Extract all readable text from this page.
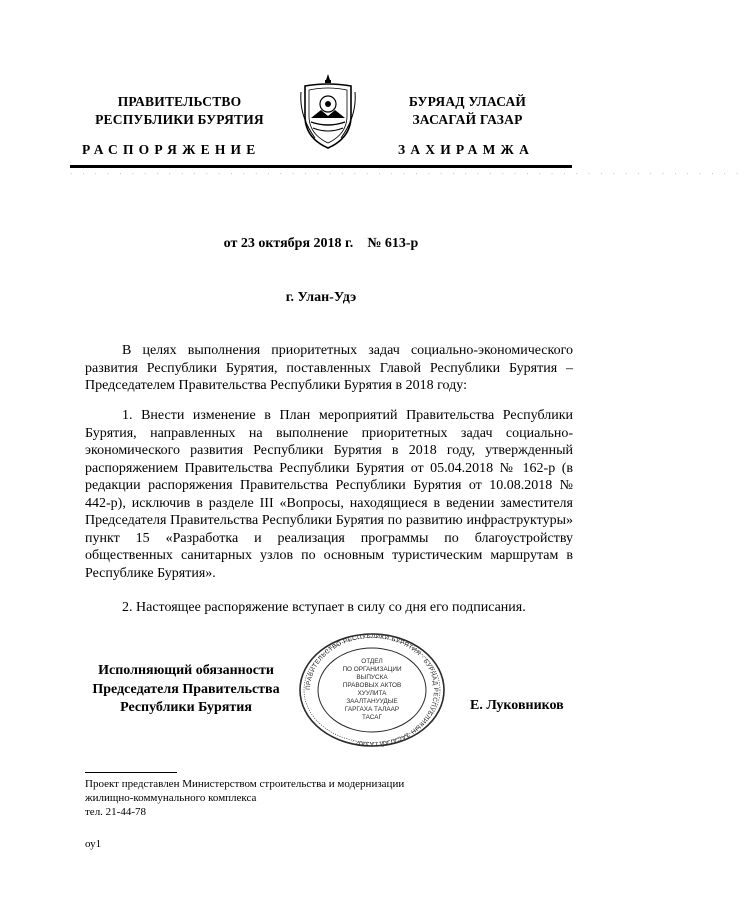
ПРАВИТЕЛЬСТВО
РЕСПУБЛИКИ БУРЯТИЯ
РАСПОРЯЖЕНИЕ
БУРЯАД УЛАСАЙ
ЗАСАГАЙ ГАЗАР
ЗАХИРАМЖА
·······················································
от 23 октября 2018 г. № 613-р
г. Улан-Удэ

В целях выполнения приоритетных задач социально-экономического развития Республики Бурятия, поставленных Главой Республики Бурятия – Председателем Правительства Республики Бурятия в 2018 году:

1. Внести изменение в План мероприятий Правительства Республики Бурятия, направленных на выполнение приоритетных задач социально-экономического развития Республики Бурятия в 2018 году, утвержденный распоряжением Правительства Республики Бурятия от 05.04.2018 № 162-р (в редакции распоряжения Правительства Республики Бурятия от 10.08.2018 № 442-р), исключив в разделе III «Вопросы, находящиеся в ведении заместителя Председателя Правительства Республики Бурятия по развитию инфраструктуры» пункт 15 «Разработка и реализация программы по благоустройству общественных санитарных узлов по основным туристическим маршрутам в Республике Бурятия».

2. Настоящее распоряжение вступает в силу со дня его подписания.

Исполняющий обязанности
Председателя Правительства
Республики Бурятия
ПРАВИТЕЛЬСТВО РЕСПУБЛИКИ БУРЯТИЯ · БУРЯАД РЕСПУБЛИКЫН ЗАСАГАЙ ГАЗАР ·
ОТДЕЛ
ПО ОРГАНИЗАЦИИ
ВЫПУСКА
ПРАВОВЫХ АКТОВ
ХУУЛИТА
ЗААЛТАНУУДЫЕ
ГАРГАХА ТАЛААР
ТАСАГ
Е. Луковников
Проект представлен Министерством строительства и модернизации
жилищно-коммунального комплекса
тел. 21-44-78
оу1
